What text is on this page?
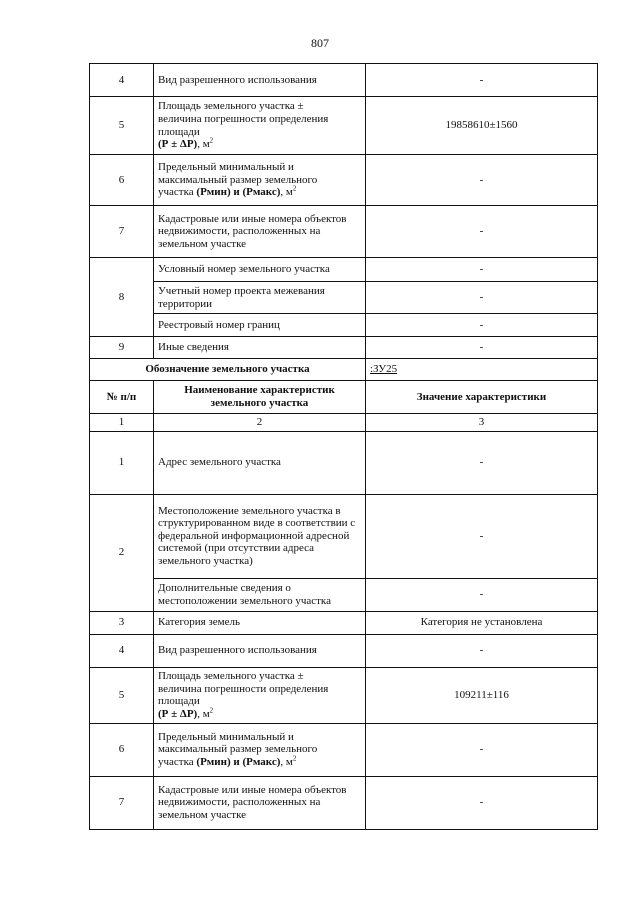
807
4	Вид разрешенного использования	-
5	Площадь земельного участка ±
величина погрешности определения
площади
(Р ± ΔР), $м^2$	19858610±1560
6	Предельный минимальный и
максимальный размер земельного
участка (Рмин) и (Рмакс), $м^2$	-
7	Кадастровые или иные номера объектов недвижимости, расположенных на земельном участке	-
8	Условный номер земельного участка	-
	Учетный номер проекта межевания территории	-
	Реестровый номер границ	-
9	Иные сведения	-
Обозначение земельного участка		:ЗУ25
№ п/п	Наименование характеристик земельного участка	Значение характеристики
1	2	3
1	Адрес земельного участка	-
2	Местоположение земельного участка в структурированном виде в соответствии с федеральной информационной адресной системой (при отсутствии адреса земельного участка)	-
	Дополнительные сведения о местоположении земельного участка	-
3	Категория земель	Категория не установлена
4	Вид разрешенного использования	-
5	Площадь земельного участка ±
величина погрешности определения
площади
(Р ± ΔР), $м^2$	109211±116
6	Предельный минимальный и
максимальный размер земельного
участка (Рмин) и (Рмакс), $м^2$	-
7	Кадастровые или иные номера объектов недвижимости, расположенных на земельном участке	-
